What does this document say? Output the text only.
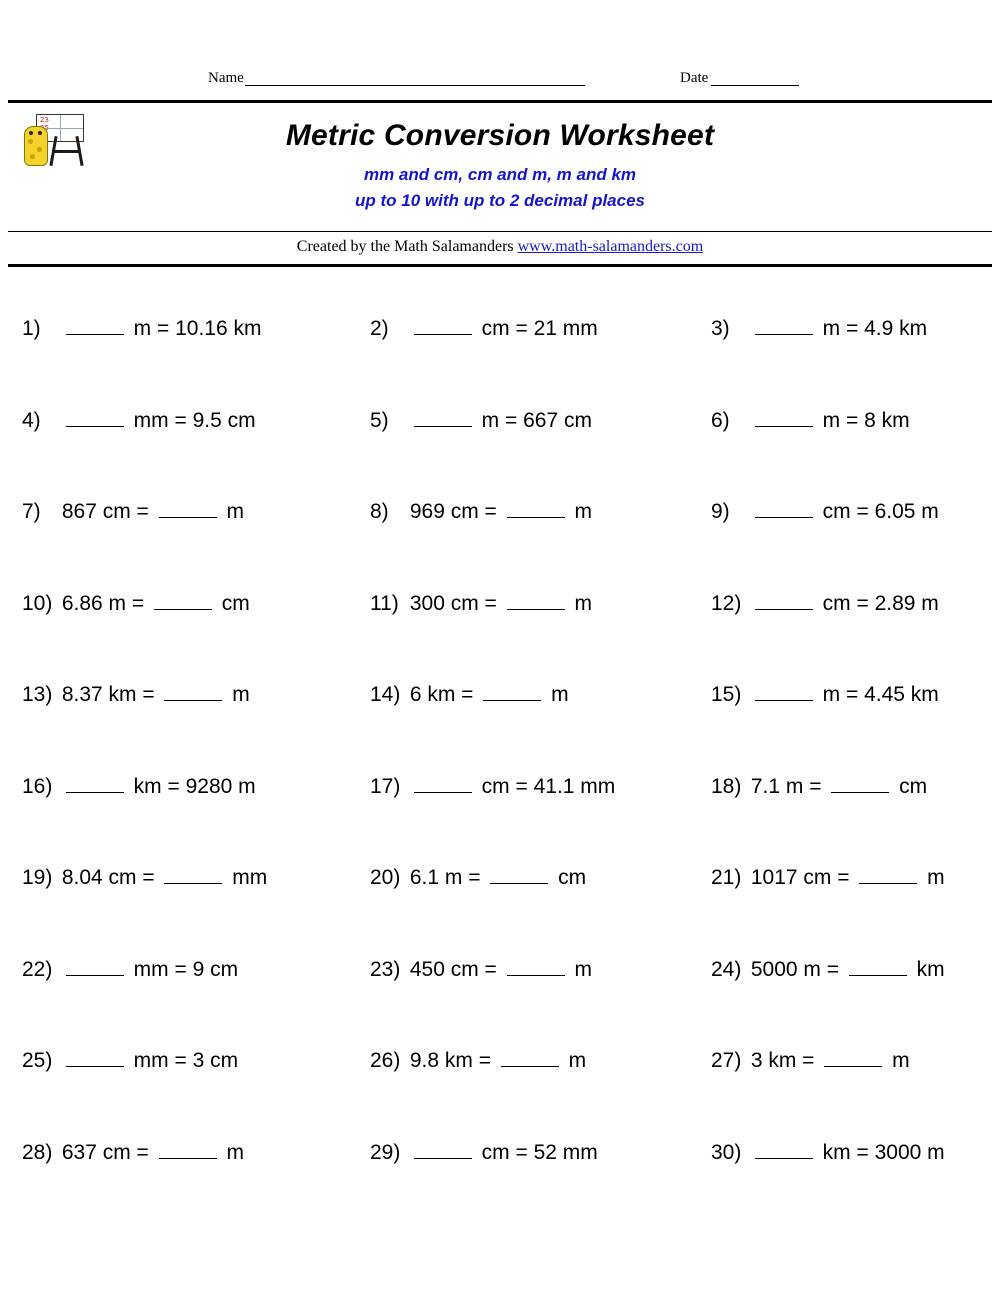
Name	Date
23	Metric Conversion Worksheet
mm and cm, cm and m, m and km
up to 10 with up to 2 decimal places
Created by the Math Salamanders www.math-salamanders.com
1)	m = 10.16 km	2)	cm = 21 mm	3)	m = 4.9 km
4)	mm = 9.5 cm	5)	m = 667 cm	6)	m = 8 km
7) 867 cm =	m	8) 969 cm =	m	9)	cm = 6.05 m
10) 6.86 m =	cm	11) 300 cm =	m	12)	cm = 2.89 m
13) 8.37 km =	m	14) 6 km =	m	15)	m = 4.45 km
16)	km = 9280 m	17)	cm = 41.1 mm	18) 7.1 m =	cm
19) 8.04 cm =	mm	20) 6.1 m =	cm	21) 1017 cm =	m
22)	mm = 9 cm	23) 450 cm =	m	24) 5000 m =	km
25)	mm = 3 cm	26) 9.8 km =	m	27) 3 km =	m
28) 637 cm =	m	29)	cm = 52 mm	30)	km = 3000 m
